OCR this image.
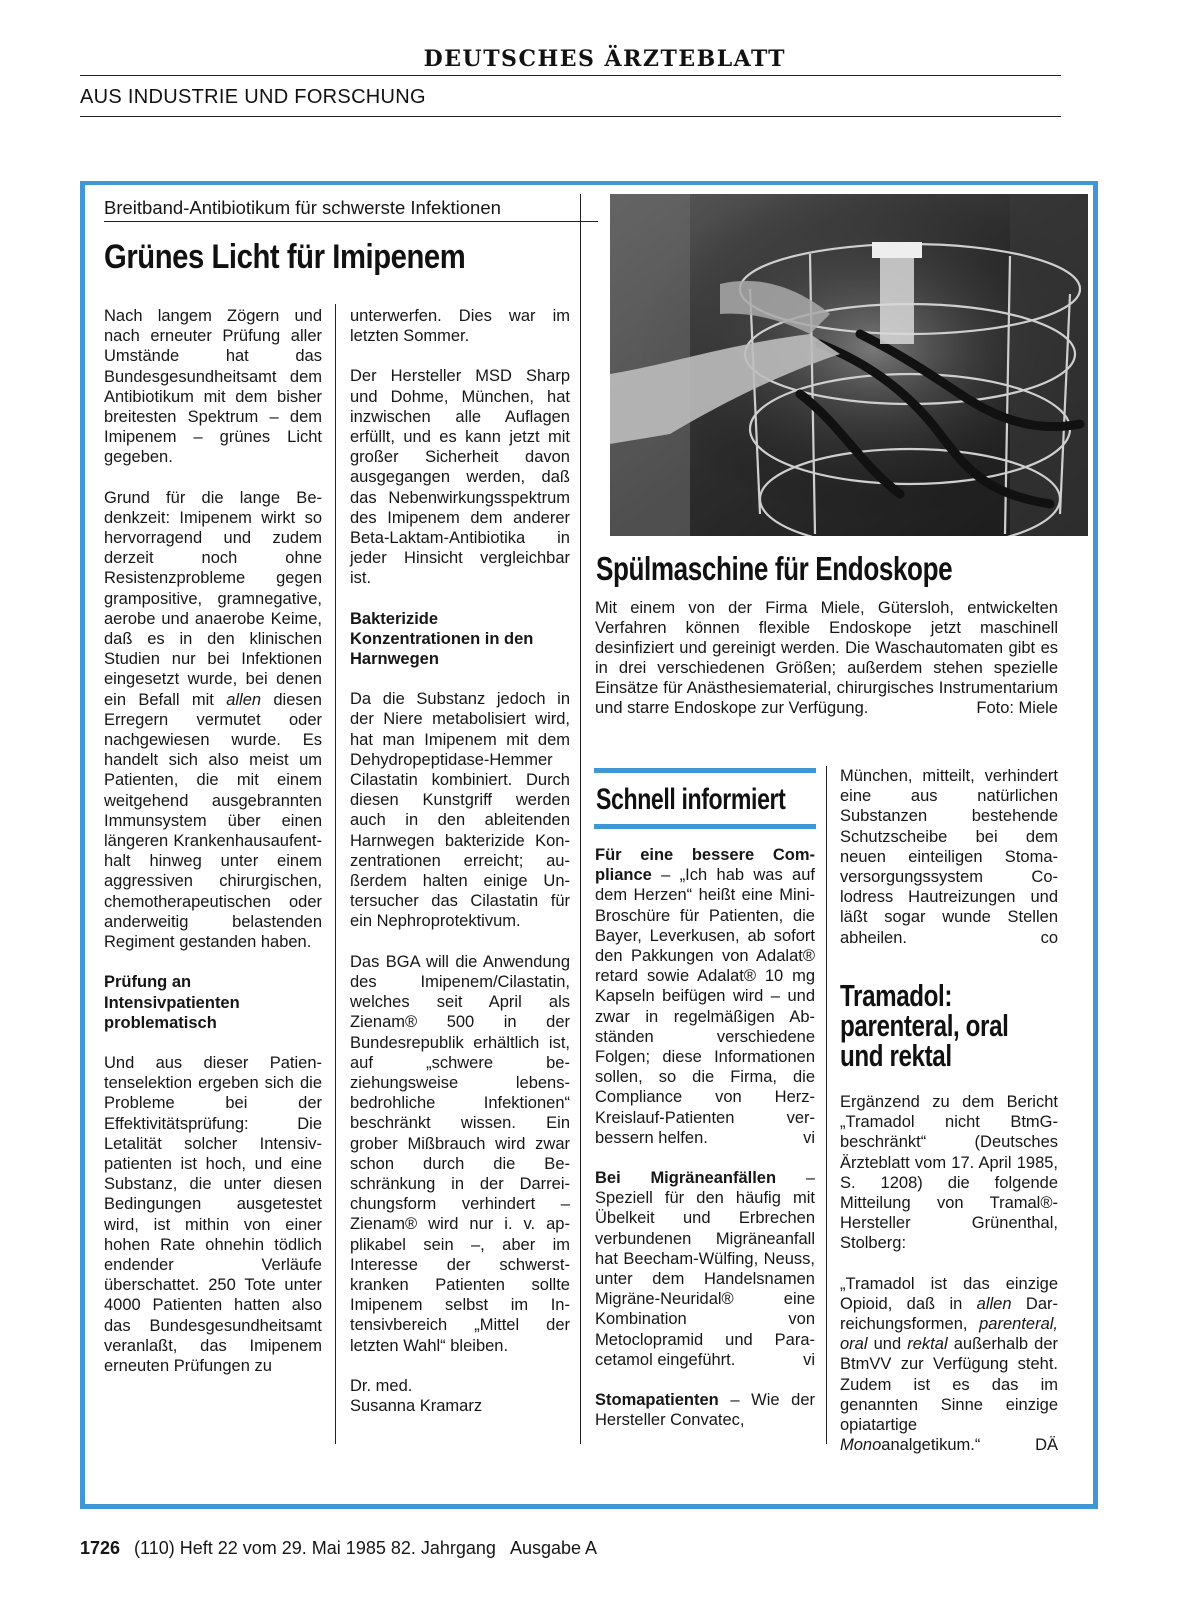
DEUTSCHES ÄRZTEBLATT
AUS INDUSTRIE UND FORSCHUNG
Breitband-Antibiotikum für schwerste Infektionen
Grünes Licht für Imipenem

Nach langem Zögern und nach erneuter Prüfung aller Umstände hat das Bundesgesundheitsamt dem Antibiotikum mit dem bisher breitesten Spektrum – dem Imipenem – grünes Licht gegeben.

Grund für die lange Bedenkzeit: Imipenem wirkt so hervorragend und zudem derzeit noch ohne Resistenzprobleme gegen grampositive, gramnegative, aerobe und anaerobe Keime, daß es in den klinischen Studien nur bei Infektionen eingesetzt wurde, bei denen ein Befall mit allen diesen Erregern vermutet oder nachgewiesen wurde. Es handelt sich also meist um Patienten, die mit einem weitgehend ausgebrannten Immunsystem über einen längeren Krankenhausaufenthalt hinweg unter einem aggressiven chirurgischen, chemotherapeutischen oder anderweitig belastenden Regiment gestanden haben.

Prüfung an Intensivpatienten problematisch

Und aus dieser Patientenselektion ergeben sich die Probleme bei der Effektivitätsprüfung: Die Letalität solcher Intensivpatienten ist hoch, und eine Substanz, die unter diesen Bedingungen ausgetestet wird, ist mithin von einer hohen Rate ohnehin tödlich endender Verläufe überschattet. 250 Tote unter 4000 Patienten hatten also das Bundesgesundheitsamt veranlaßt, das Imipenem erneuten Prüfungen zu

unterwerfen. Dies war im letzten Sommer.

Der Hersteller MSD Sharp und Dohme, München, hat inzwischen alle Auflagen erfüllt, und es kann jetzt mit großer Sicherheit davon ausgegangen werden, daß das Nebenwirkungsspektrum des Imipenem dem anderer Beta-Laktam-Antibiotika in jeder Hinsicht vergleichbar ist.

Bakterizide Konzentrationen in den Harnwegen

Da die Substanz jedoch in der Niere metabolisiert wird, hat man Imipenem mit dem Dehydropeptidase-Hemmer Cilastatin kombiniert. Durch diesen Kunstgriff werden auch in den ableitenden Harnwegen bakterizide Konzentrationen erreicht; außerdem halten einige Untersucher das Cilastatin für ein Nephroprotektivum.

Das BGA will die Anwendung des Imipenem/Cilastatin, welches seit April als Zienam® 500 in der Bundesrepublik erhältlich ist, auf „schwere beziehungsweise lebensbedrohliche Infektionen“ beschränkt wissen. Ein grober Mißbrauch wird zwar schon durch die Beschränkung in der Darreichungsform verhindert – Zienam® wird nur i. v. applikabel sein –, aber im Interesse der schwerstkranken Patienten sollte Imipenem selbst im Intensivbereich „Mittel der letzten Wahl“ bleiben.

Dr. med.
Susanna Kramarz

Spülmaschine für Endoskope

Mit einem von der Firma Miele, Gütersloh, entwickelten Verfahren können flexible Endoskope jetzt maschinell desinfiziert und gereinigt werden. Die Waschautomaten gibt es in drei verschiedenen Größen; außerdem stehen spezielle Einsätze für Anästhesiematerial, chirurgisches Instrumentarium und starre Endoskope zur Verfügung.	Foto: Miele

Schnell informiert

Für eine bessere Compliance – „Ich hab was auf dem Herzen“ heißt eine Mini-Broschüre für Patienten, die Bayer, Leverkusen, ab sofort den Pakkungen von Adalat® retard sowie Adalat® 10 mg Kapseln beifügen wird – und zwar in regelmäßigen Abständen verschiedene Folgen; diese Informationen sollen, so die Firma, die Compliance von Herz-Kreislauf-Patienten verbessern helfen.	vi

Bei Migräneanfällen – Speziell für den häufig mit Übelkeit und Erbrechen verbundenen Migräneanfall hat Beecham-Wülfing, Neuss, unter dem Handelsnamen Migräne-Neuridal® eine Kombination von Metoclopramid und Paracetamol eingeführt.	vi

Stomapatienten – Wie der Hersteller Convatec,

München, mitteilt, verhindert eine aus natürlichen Substanzen bestehende Schutzscheibe bei dem neuen einteiligen Stomaversorgungssystem Colodress Hautreizungen und läßt sogar wunde Stellen abheilen.	co

Tramadol:
parenteral, oral
und rektal

Ergänzend zu dem Bericht „Tramadol nicht BtmG-beschränkt“ (Deutsches Ärzteblatt vom 17. April 1985, S. 1208) die folgende Mitteilung von Tramal®-Hersteller Grünenthal, Stolberg:

„Tramadol ist das einzige Opioid, daß in allen Darreichungsformen, parenteral, oral und rektal außerhalb der BtmVV zur Verfügung steht. Zudem ist es das im genannten Sinne einzige opiatartige Monoanalgetikum.“	DÄ

1726 (110) Heft 22 vom 29. Mai 1985 82. Jahrgang Ausgabe A
